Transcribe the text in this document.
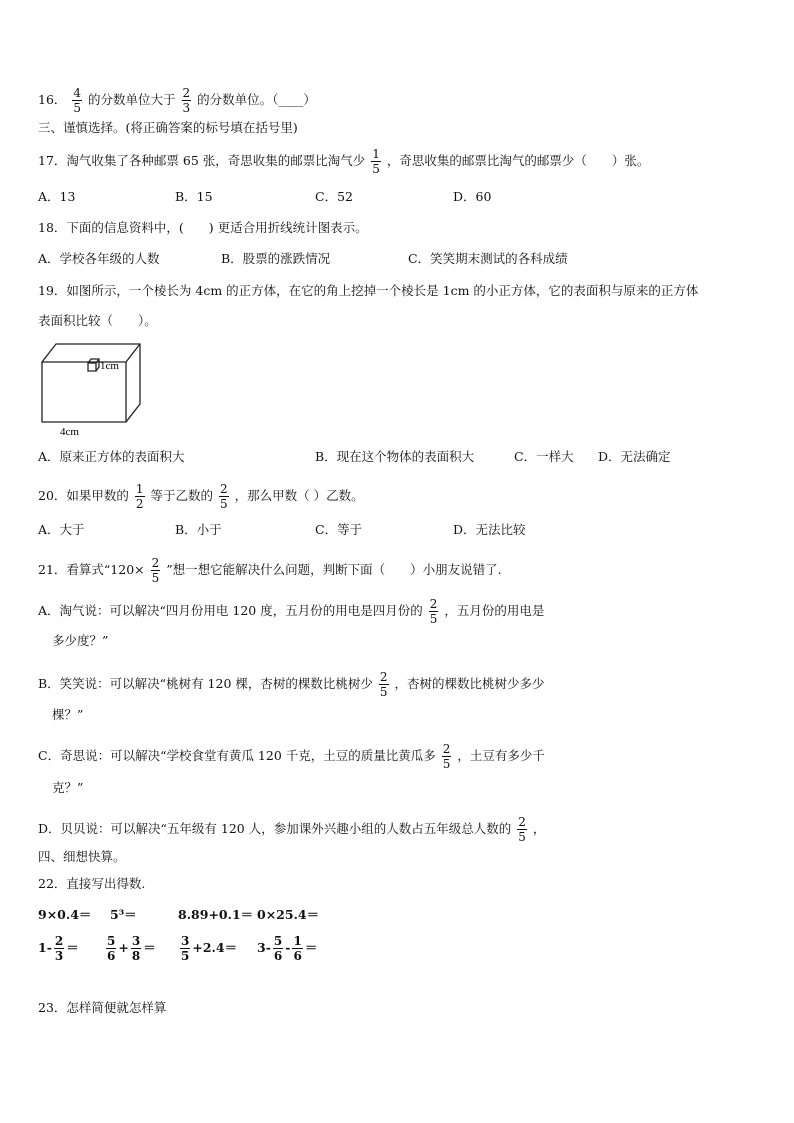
16． $\frac{4}{5}$ 的分数单位大于 $\frac{2}{3}$ 的分数单位。（____）
三、谨慎选择。(将正确答案的标号填在括号里)
17．淘气收集了各种邮票 65 张，奇思收集的邮票比淘气少 $\frac{1}{5}$ ，奇思收集的邮票比淘气的邮票少（　　）张。
A．13	B．15	C．52	D．60
18．下面的信息资料中，(　　) 更适合用折线统计图表示。
A．学校各年级的人数	B．股票的涨跌情况	C．笑笑期末测试的各科成绩
19．如图所示，一个棱长为 4cm 的正方体，在它的角上挖掉一个棱长是 1cm 的小正方体，它的表面积与原来的正方体
表面积比较（　　）。
1cm
4cm
A．原来正方体的表面积大	B．现在这个物体的表面积大	C．一样大 D．无法确定
20．如果甲数的 $\frac{1}{2}$ 等于乙数的 $\frac{2}{5}$ ，那么甲数（ ）乙数。
A．大于	B．小于	C．等于	D．无法比较
21．看算式“$120\times \frac{2}{5}$ ”想一想它能解决什么问题，判断下面（　　）小朋友说错了.
A．淘气说：可以解决“四月份用电 120 度，五月份的用电是四月份的 $\frac{2}{5}$ ，五月份的用电是
多少度？”
B．笑笑说：可以解决“桃树有 120 棵，杏树的棵数比桃树少 $\frac{2}{5}$ ，杏树的棵数比桃树少多少
棵？”
C．奇思说：可以解决“学校食堂有黄瓜 120 千克，土豆的质量比黄瓜多 $\frac{2}{5}$ ，土豆有多少千
克？”
D．贝贝说：可以解决“五年级有 120 人，参加课外兴趣小组的人数占五年级总人数的 $\frac{2}{5}$ ，
四、细想快算。
22．直接写出得数.
9×0.4＝ 5³＝	8.89+0.1＝ 0×25.4＝
$1- \frac{2}{3} = \frac{5}{6} + \frac{3}{8} = \frac{3}{5} +2.4= 3- \frac{5}{6} - \frac{1}{6}$ ＝
23．怎样简便就怎样算
